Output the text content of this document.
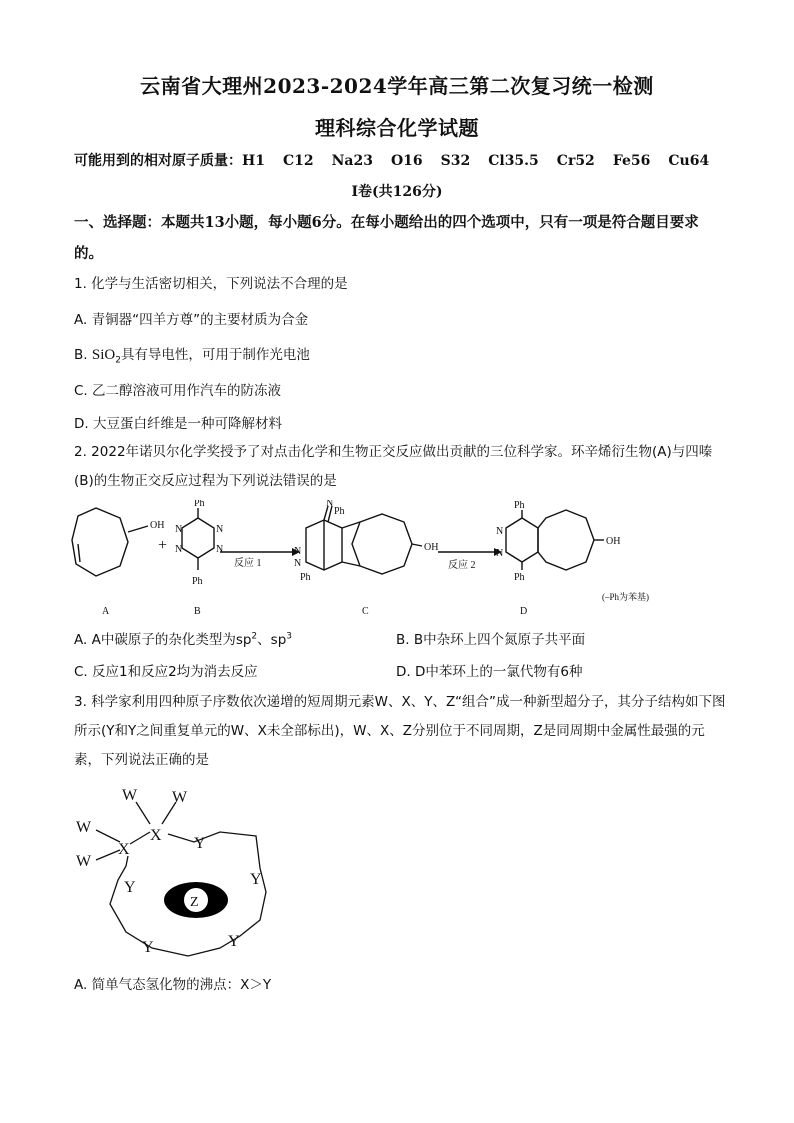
云南省大理州2023-2024学年高三第二次复习统一检测
理科综合化学试题
可能用到的相对原子质量：H1 C12 Na23 O16 S32 Cl35.5 Cr52 Fe56 Cu64
I卷(共126分)
一、选择题：本题共13小题，每小题6分。在每小题给出的四个选项中，只有一项是符合题目要求的。
1. 化学与生活密切相关，下列说法不合理的是
A. 青铜器“四羊方尊”的主要材质为合金
B. SiO$_2$具有导电性，可用于制作光电池
C. 乙二醇溶液可用作汽车的防冻液
D. 大豆蛋白纤维是一种可降解材料
2. 2022年诺贝尔化学奖授予了对点击化学和生物正交反应做出贡献的三位科学家。环辛烯衍生物(A)与四嗪(B)的生物正交反应过程为下列说法错误的是
OH
Ph
N	N
N	N
Ph
+
反应 1
Ph
N
N
N
Ph
OH
反应 2
Ph
N
N
Ph
OH
(–Ph为苯基)
A	B	C	D
A. A中碳原子的杂化类型为$sp^2$、$sp^3$	B. B中杂环上四个氮原子共平面
C. 反应1和反应2均为消去反应	D. D中苯环上的一氯代物有6种
3. 科学家利用四种原子序数依次递增的短周期元素W、X、Y、Z“组合”成一种新型超分子，其分子结构如下图所示(Y和Y之间重复单元的W、X未全部标出)，W、X、Z分别位于不同周期，Z是同周期中金属性最强的元素，下列说法正确的是
W W
W
W
X
X	Y
Y
Y
Y
Y
Z
A. 简单气态氢化物的沸点：X＞Y
